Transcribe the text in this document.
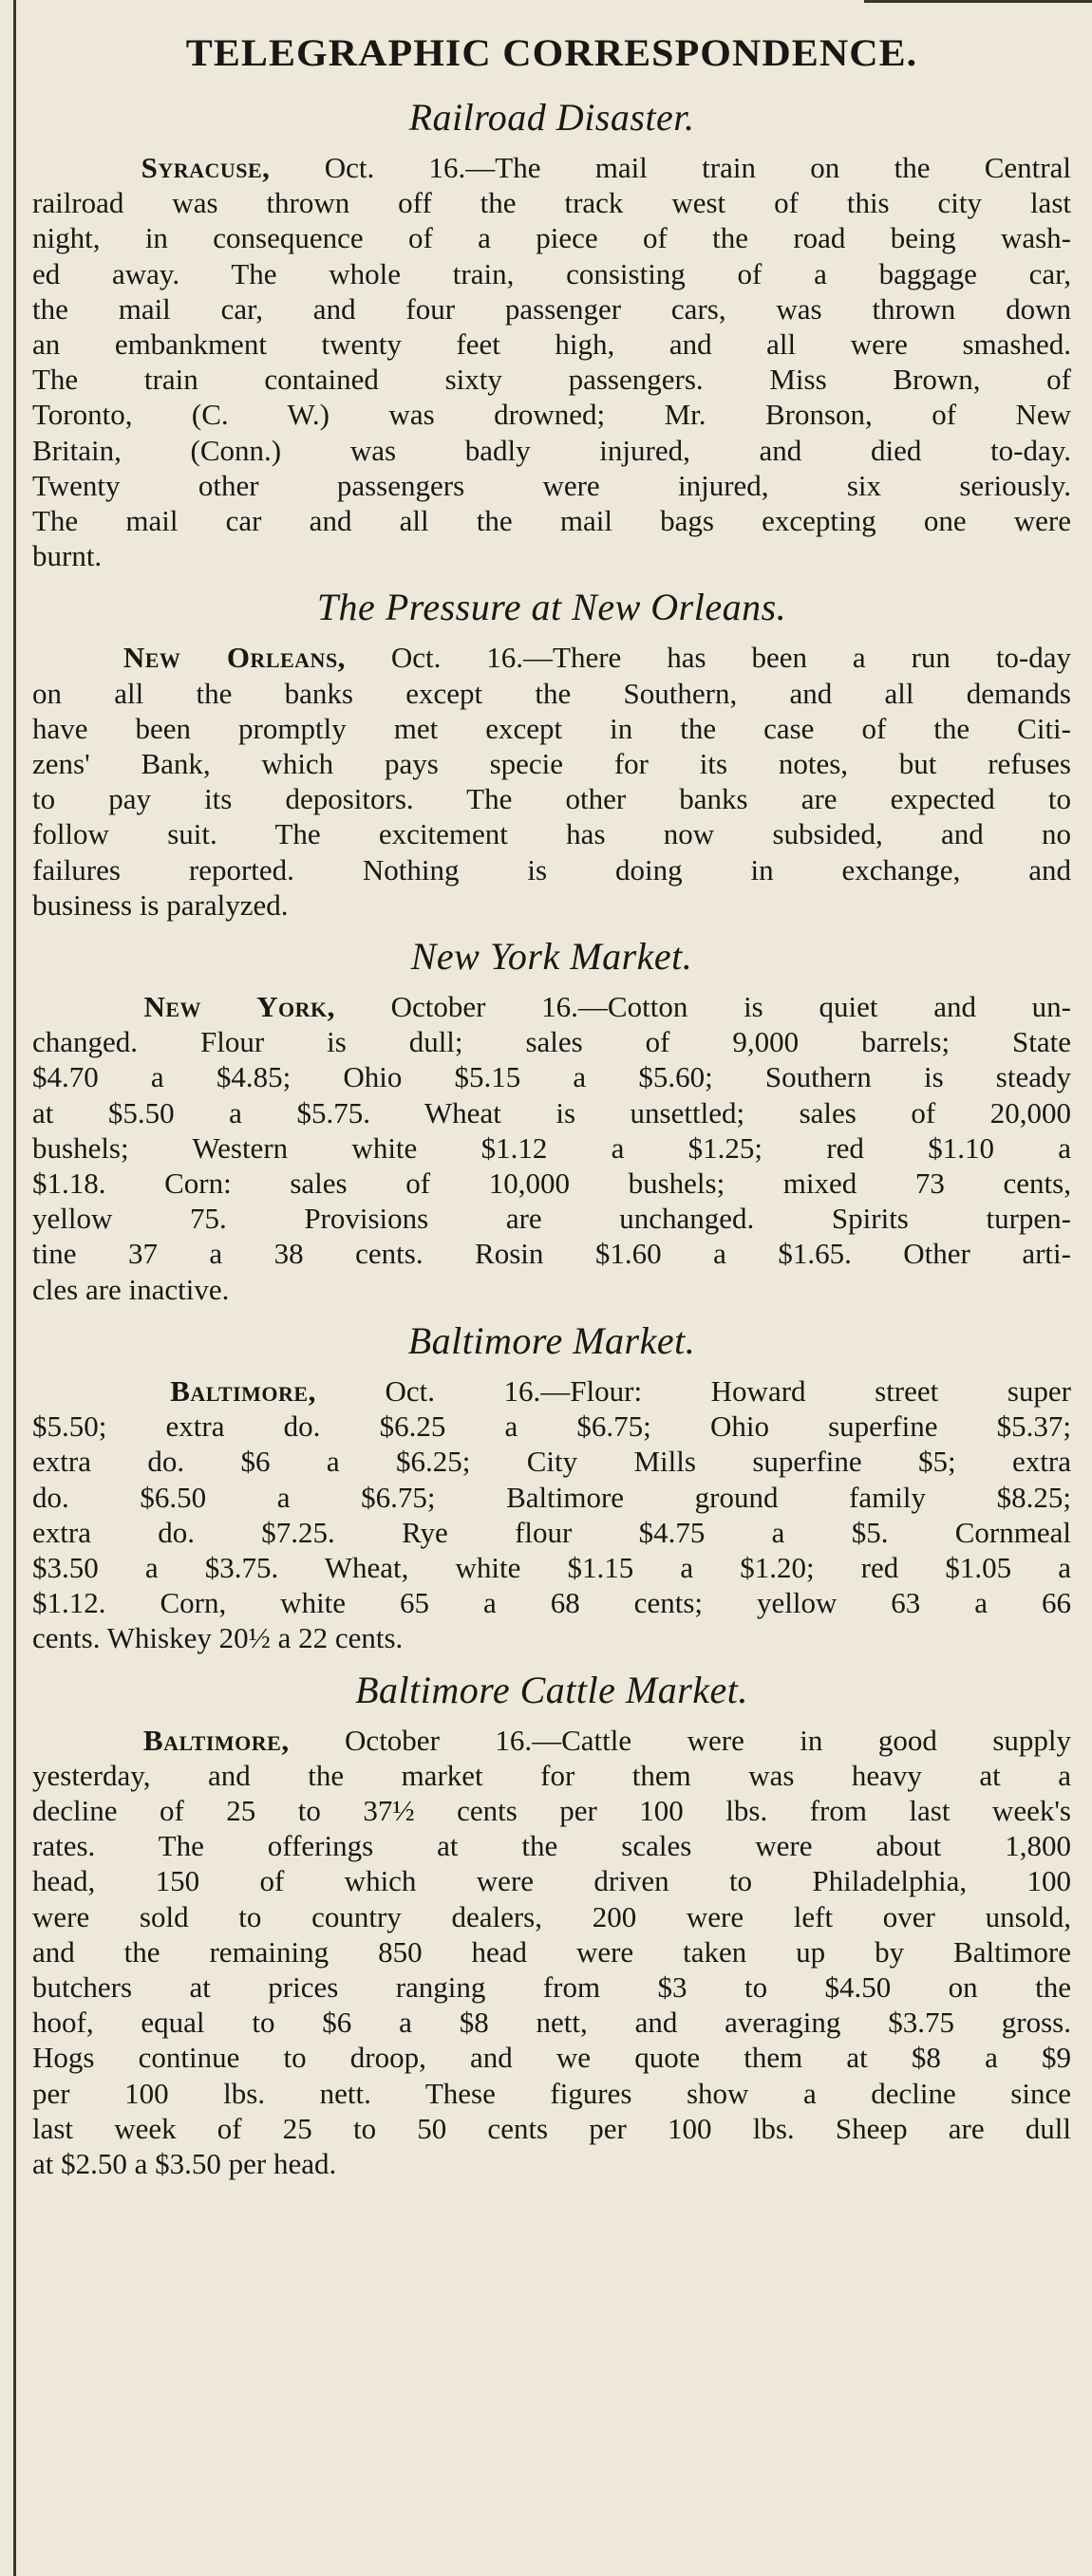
TELEGRAPHIC CORRESPONDENCE.
Railroad Disaster.
Syracuse, Oct. 16.—The mail train on the Central
railroad was thrown off the track west of this city last
night, in consequence of a piece of the road being wash-
ed away. The whole train, consisting of a baggage car,
the mail car, and four passenger cars, was thrown down
an embankment twenty feet high, and all were smashed.
The train contained sixty passengers. Miss Brown, of
Toronto, (C. W.) was drowned; Mr. Bronson, of New
Britain, (Conn.) was badly injured, and died to-day.
Twenty other passengers were injured, six seriously.
The mail car and all the mail bags excepting one were
burnt.
The Pressure at New Orleans.
New Orleans, Oct. 16.—There has been a run to-day
on all the banks except the Southern, and all demands
have been promptly met except in the case of the Citi-
zens' Bank, which pays specie for its notes, but refuses
to pay its depositors. The other banks are expected to
follow suit. The excitement has now subsided, and no
failures reported. Nothing is doing in exchange, and
business is paralyzed.
New York Market.
New York, October 16.—Cotton is quiet and un-
changed. Flour is dull; sales of 9,000 barrels; State
$4.70 a $4.85; Ohio $5.15 a $5.60; Southern is steady
at $5.50 a $5.75. Wheat is unsettled; sales of 20,000
bushels; Western white $1.12 a $1.25; red $1.10 a
$1.18. Corn: sales of 10,000 bushels; mixed 73 cents,
yellow 75. Provisions are unchanged. Spirits turpen-
tine 37 a 38 cents. Rosin $1.60 a $1.65. Other arti-
cles are inactive.
Baltimore Market.
Baltimore, Oct. 16.—Flour: Howard street super
$5.50; extra do. $6.25 a $6.75; Ohio superfine $5.37;
extra do. $6 a $6.25; City Mills superfine $5; extra
do. $6.50 a $6.75; Baltimore ground family $8.25;
extra do. $7.25. Rye flour $4.75 a $5. Cornmeal
$3.50 a $3.75. Wheat, white $1.15 a $1.20; red $1.05 a
$1.12. Corn, white 65 a 68 cents; yellow 63 a 66
cents. Whiskey 20½ a 22 cents.
Baltimore Cattle Market.
Baltimore, October 16.—Cattle were in good supply
yesterday, and the market for them was heavy at a
decline of 25 to 37½ cents per 100 lbs. from last week's
rates. The offerings at the scales were about 1,800
head, 150 of which were driven to Philadelphia, 100
were sold to country dealers, 200 were left over unsold,
and the remaining 850 head were taken up by Baltimore
butchers at prices ranging from $3 to $4.50 on the
hoof, equal to $6 a $8 nett, and averaging $3.75 gross.
Hogs continue to droop, and we quote them at $8 a $9
per 100 lbs. nett. These figures show a decline since
last week of 25 to 50 cents per 100 lbs. Sheep are dull
at $2.50 a $3.50 per head.
